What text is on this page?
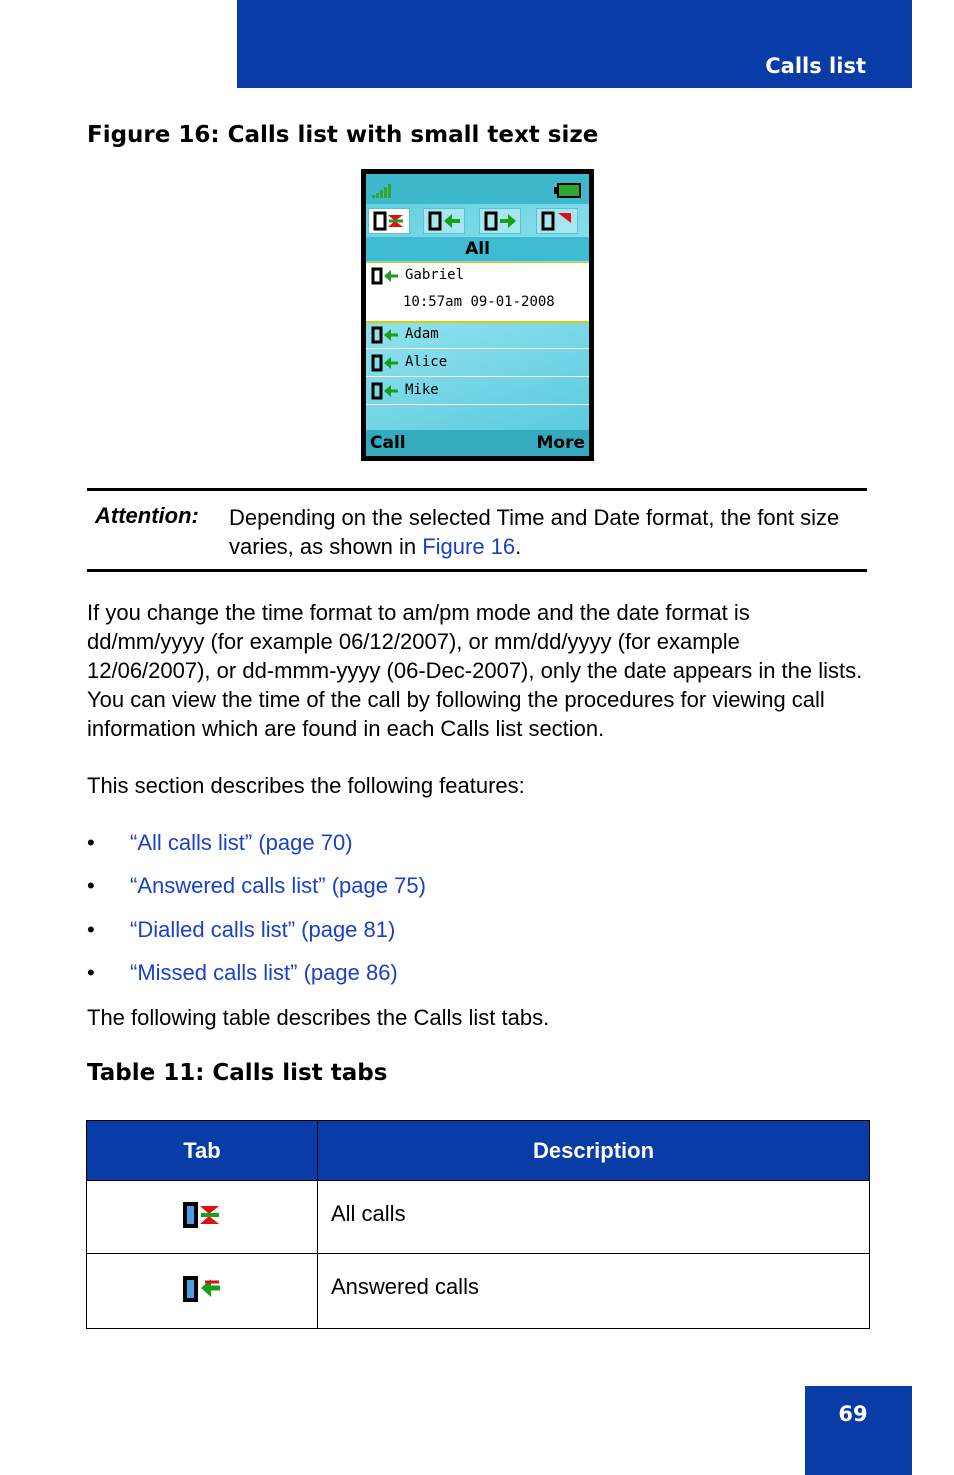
Calls list
Figure 16: Calls list with small text size
All
Gabriel
10:57am 09-01-2008
Adam
Alice
Mike
Call	More
Attention: Depending on the selected Time and Date format, the font size varies, as shown in Figure 16.
If you change the time format to am/pm mode and the date format is dd/mm/yyyy (for example 06/12/2007), or mm/dd/yyyy (for example 12/06/2007), or dd-mmm-yyyy (06-Dec-2007), only the date appears in the lists. You can view the time of the call by following the procedures for viewing call information which are found in each Calls list section.
This section describes the following features:
• “All calls list” (page 70)
• “Answered calls list” (page 75)
• “Dialled calls list” (page 81)
• “Missed calls list” (page 86)
The following table describes the Calls list tabs.
Table 11: Calls list tabs
Tab	Description
	All calls
	Answered calls
69
